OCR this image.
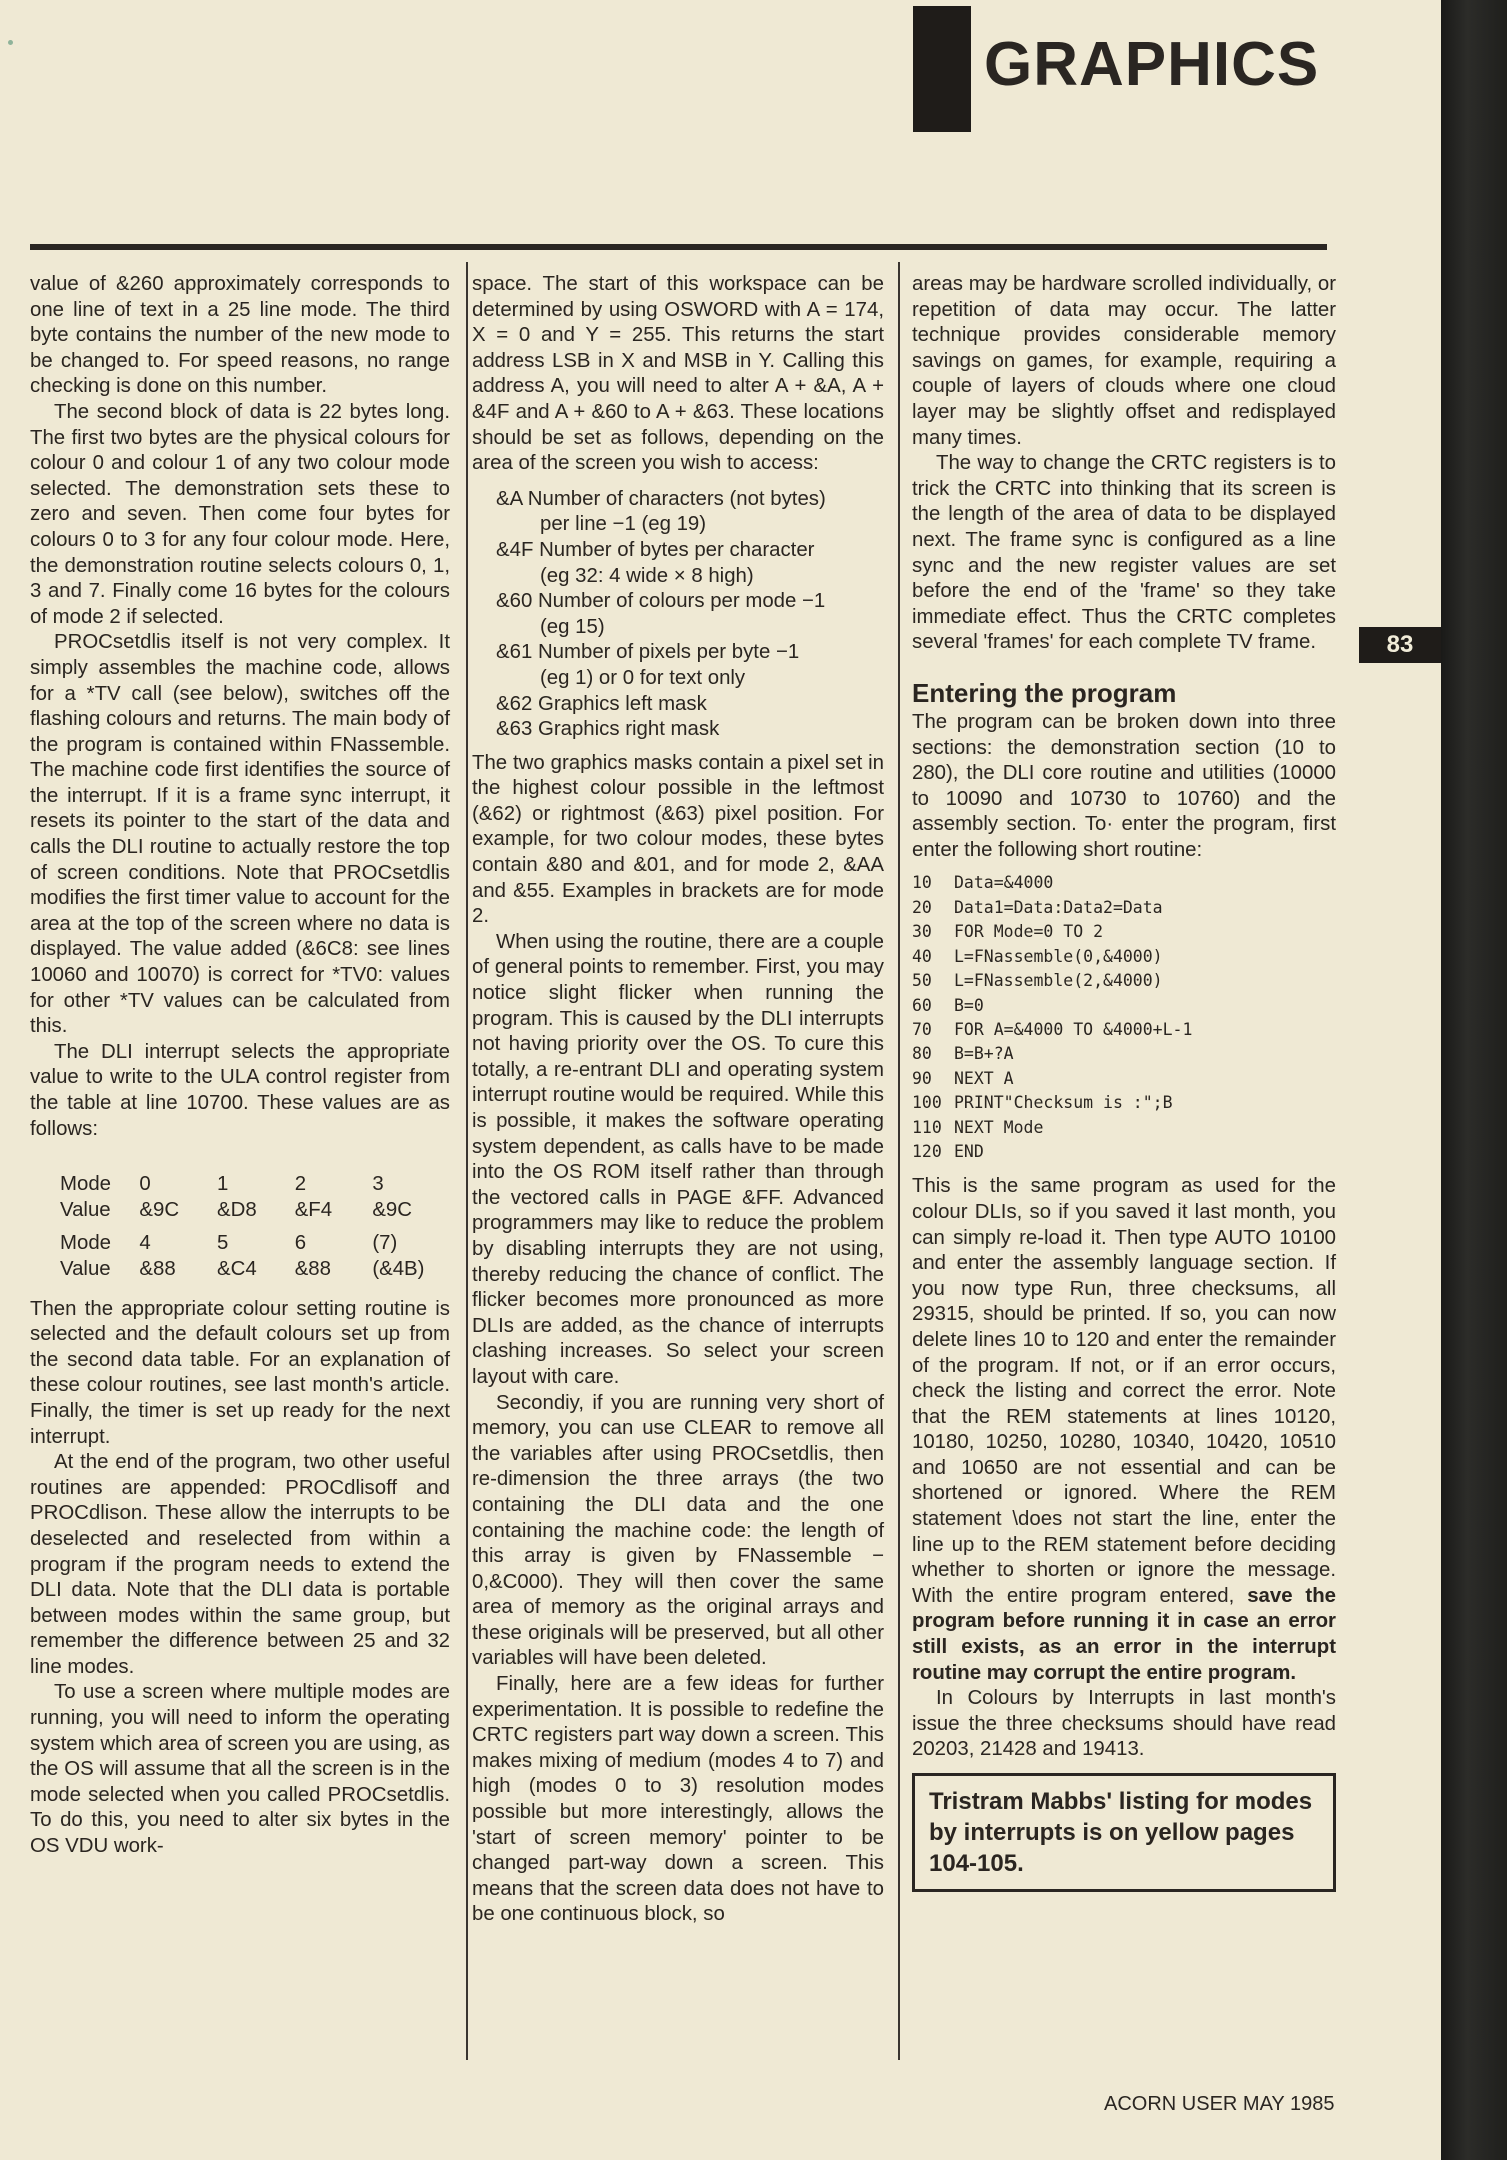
GRAPHICS

value of &260 approximately corresponds to one line of text in a 25 line mode. The third byte contains the number of the new mode to be changed to. For speed reasons, no range checking is done on this number.

The second block of data is 22 bytes long. The first two bytes are the physical colours for colour 0 and colour 1 of any two colour mode selected. The demonstration sets these to zero and seven. Then come four bytes for colours 0 to 3 for any four colour mode. Here, the demonstration routine selects colours 0, 1, 3 and 7. Finally come 16 bytes for the colours of mode 2 if selected.

PROCsetdlis itself is not very complex. It simply assembles the machine code, allows for a *TV call (see below), switches off the flashing colours and returns. The main body of the program is contained within FNassemble. The machine code first identifies the source of the interrupt. If it is a frame sync interrupt, it resets its pointer to the start of the data and calls the DLI routine to actually restore the top of screen conditions. Note that PROCsetdlis modifies the first timer value to account for the area at the top of the screen where no data is displayed. The value added (&6C8: see lines 10060 and 10070) is correct for *TV0: values for other *TV values can be calculated from this.

The DLI interrupt selects the appropriate value to write to the ULA control register from the table at line 10700. These values are as follows:

Mode	0	1	2	3
Value	&9C	&D8	&F4	&9C
Mode	4	5	6	(7)
Value	&88	&C4	&88	(&4B)

Then the appropriate colour setting routine is selected and the default colours set up from the second data table. For an explanation of these colour routines, see last month's article. Finally, the timer is set up ready for the next interrupt.

At the end of the program, two other useful routines are appended: PROCdlisoff and PROCdlison. These allow the interrupts to be deselected and reselected from within a program if the program needs to extend the DLI data. Note that the DLI data is portable between modes within the same group, but remember the difference between 25 and 32 line modes.

To use a screen where multiple modes are running, you will need to inform the operating system which area of screen you are using, as the OS will assume that all the screen is in the mode selected when you called PROCsetdlis. To do this, you need to alter six bytes in the OS VDU work-

space. The start of this workspace can be determined by using OSWORD with A = 174, X = 0 and Y = 255. This returns the start address LSB in X and MSB in Y. Calling this address A, you will need to alter A + &A, A + &4F and A + &60 to A + &63. These locations should be set as follows, depending on the area of the screen you wish to access:

&A Number of characters (not bytes)
per line −1 (eg 19)
&4F Number of bytes per character
(eg 32: 4 wide × 8 high)
&60 Number of colours per mode −1
(eg 15)
&61 Number of pixels per byte −1
(eg 1) or 0 for text only
&62 Graphics left mask
&63 Graphics right mask

The two graphics masks contain a pixel set in the highest colour possible in the leftmost (&62) or rightmost (&63) pixel position. For example, for two colour modes, these bytes contain &80 and &01, and for mode 2, &AA and &55. Examples in brackets are for mode 2.

When using the routine, there are a couple of general points to remember. First, you may notice slight flicker when running the program. This is caused by the DLI interrupts not having priority over the OS. To cure this totally, a re-entrant DLI and operating system interrupt routine would be required. While this is possible, it makes the software operating system dependent, as calls have to be made into the OS ROM itself rather than through the vectored calls in PAGE &FF. Advanced programmers may like to reduce the problem by disabling interrupts they are not using, thereby reducing the chance of conflict. The flicker becomes more pronounced as more DLIs are added, as the chance of interrupts clashing increases. So select your screen layout with care.

Secondiy, if you are running very short of memory, you can use CLEAR to remove all the variables after using PROCsetdlis, then re-dimension the three arrays (the two containing the DLI data and the one containing the machine code: the length of this array is given by FNassemble − 0,&C000). They will then cover the same area of memory as the original arrays and these originals will be preserved, but all other variables will have been deleted.

Finally, here are a few ideas for further experimentation. It is possible to redefine the CRTC registers part way down a screen. This makes mixing of medium (modes 4 to 7) and high (modes 0 to 3) resolution modes possible but more interestingly, allows the 'start of screen memory' pointer to be changed part-way down a screen. This means that the screen data does not have to be one continuous block, so

areas may be hardware scrolled individually, or repetition of data may occur. The latter technique provides considerable memory savings on games, for example, requiring a couple of layers of clouds where one cloud layer may be slightly offset and redisplayed many times.

The way to change the CRTC registers is to trick the CRTC into thinking that its screen is the length of the area of data to be displayed next. The frame sync is configured as a line sync and the new register values are set before the end of the 'frame' so they take immediate effect. Thus the CRTC completes several 'frames' for each complete TV frame.

Entering the program

The program can be broken down into three sections: the demonstration section (10 to 280), the DLI core routine and utilities (10000 to 10090 and 10730 to 10760) and the assembly section. To· enter the program, first enter the following short routine:

10 Data=&4000
20 Data1=Data:Data2=Data
30 FOR Mode=0 TO 2
40 L=FNassemble(0,&4000)
50 L=FNassemble(2,&4000)
60 B=0
70 FOR A=&4000 TO &4000+L-1
80 B=B+?A
90 NEXT A
100 PRINT"Checksum is :";B
110 NEXT Mode
120 END

This is the same program as used for the colour DLIs, so if you saved it last month, you can simply re-load it. Then type AUTO 10100 and enter the assembly language section. If you now type Run, three checksums, all 29315, should be printed. If so, you can now delete lines 10 to 120 and enter the remainder of the program. If not, or if an error occurs, check the listing and correct the error. Note that the REM statements at lines 10120, 10180, 10250, 10280, 10340, 10420, 10510 and 10650 are not essential and can be shortened or ignored. Where the REM statement \does not start the line, enter the line up to the REM statement before deciding whether to shorten or ignore the message. With the entire program entered, save the program before running it in case an error still exists, as an error in the interrupt routine may corrupt the entire program.

In Colours by Interrupts in last month's issue the three checksums should have read 20203, 21428 and 19413.

Tristram Mabbs' listing for modes by interrupts is on yellow pages 104-105.
83
ACORN USER MAY 1985
